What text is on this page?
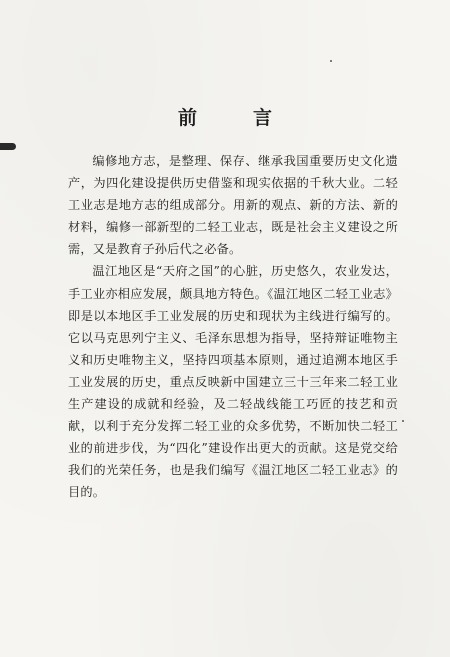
前	言

编修地方志，是整理、保存、继承我国重要历史文化遗产，为四化建设提供历史借鉴和现实依据的千秋大业。二轻工业志是地方志的组成部分。用新的观点、新的方法、新的材料，编修一部新型的二轻工业志，既是社会主义建设之所需，又是教育子孙后代之必备。

温江地区是“天府之国”的心脏，历史悠久，农业发达，手工业亦相应发展，颇具地方特色。《温江地区二轻工业志》即是以本地区手工业发展的历史和现状为主线进行编写的。它以马克思列宁主义、毛泽东思想为指导，坚持辩证唯物主义和历史唯物主义，坚持四项基本原则，通过追溯本地区手工业发展的历史，重点反映新中国建立三十三年来二轻工业生产建设的成就和经验，及二轻战线能工巧匠的技艺和贡献，以利于充分发挥二轻工业的众多优势，不断加快二轻工业的前进步伐，为“四化”建设作出更大的贡献。这是党交给我们的光荣任务，也是我们编写《温江地区二轻工业志》的目的。
